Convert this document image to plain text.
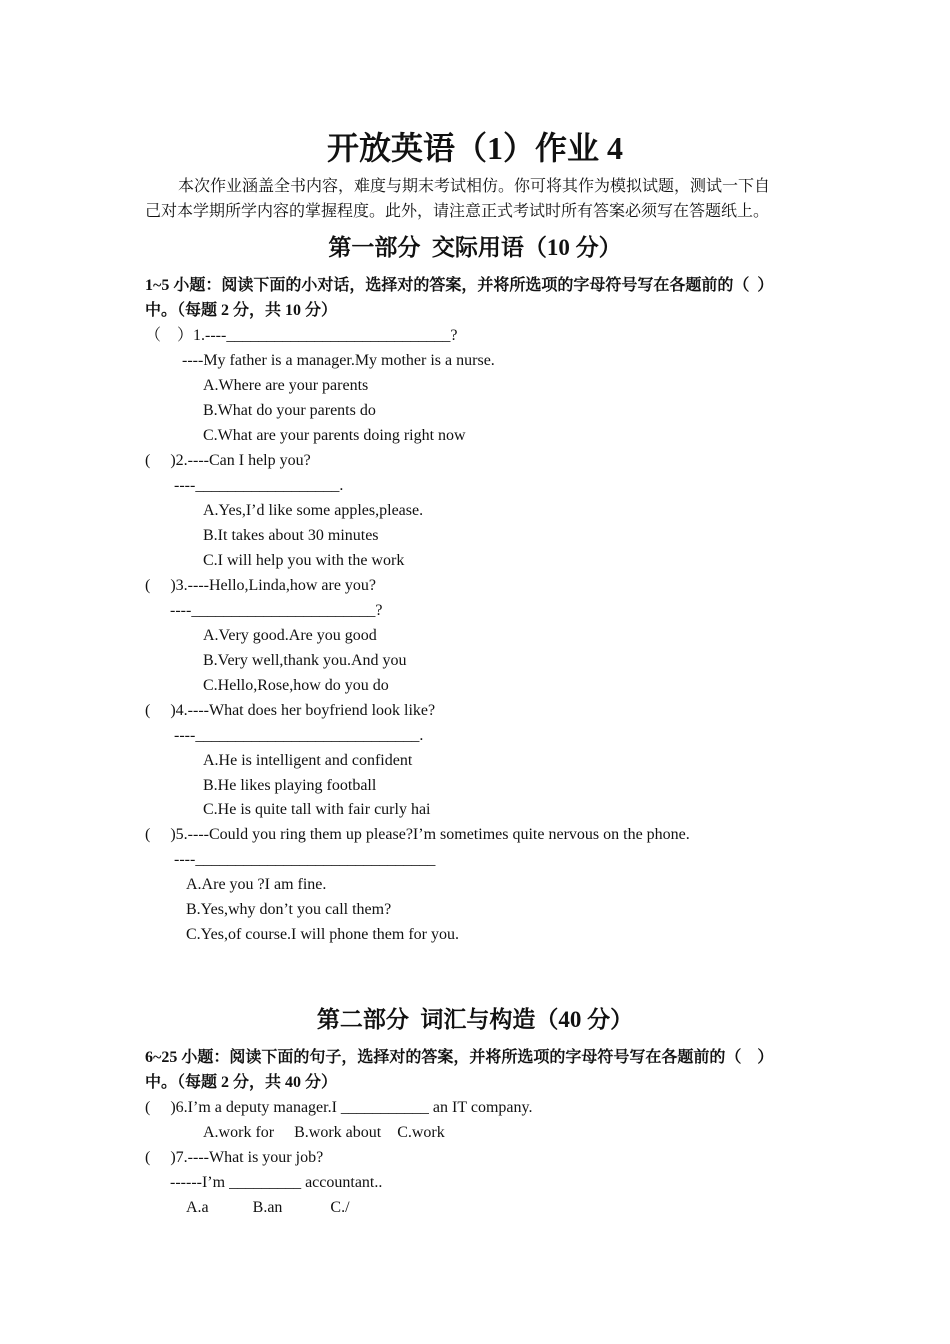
开放英语（1）作业 4
本次作业涵盖全书内容，难度与期末考试相仿。你可将其作为模拟试题，测试一下自
己对本学期所学内容的掌握程度。此外，请注意正式考试时所有答案必须写在答题纸上。
第一部分  交际用语（10 分）
1~5 小题：阅读下面的小对话，选择对的答案，并将所选项的字母符号写在各题前的（  ）
中。（每题 2 分，共 10 分）
（    ）1.----____________________________?
----My father is a manager.My mother is a nurse.
A.Where are your parents
B.What do your parents do
C.What are your parents doing right now
(     )2.----Can I help you?
----__________________.
A.Yes,I’d like some apples,please.
B.It takes about 30 minutes
C.I will help you with the work
(     )3.----Hello,Linda,how are you?
----_______________________?
A.Very good.Are you good
B.Very well,thank you.And you
C.Hello,Rose,how do you do
(     )4.----What does her boyfriend look like?
----____________________________.
A.He is intelligent and confident
B.He likes playing football
C.He is quite tall with fair curly hai
(     )5.----Could you ring them up please?I’m sometimes quite nervous on the phone.
----______________________________
A.Are you ?I am fine.
B.Yes,why don’t you call them?
C.Yes,of course.I will phone them for you.
第二部分  词汇与构造（40 分）
6~25 小题：阅读下面的句子，选择对的答案，并将所选项的字母符号写在各题前的（    ）
中。（每题 2 分，共 40 分）
(     )6.I’m a deputy manager.I ___________ an IT company.
A.work for     B.work about    C.work
(     )7.----What is your job?
------I’m _________ accountant..
A.a           B.an            C./
